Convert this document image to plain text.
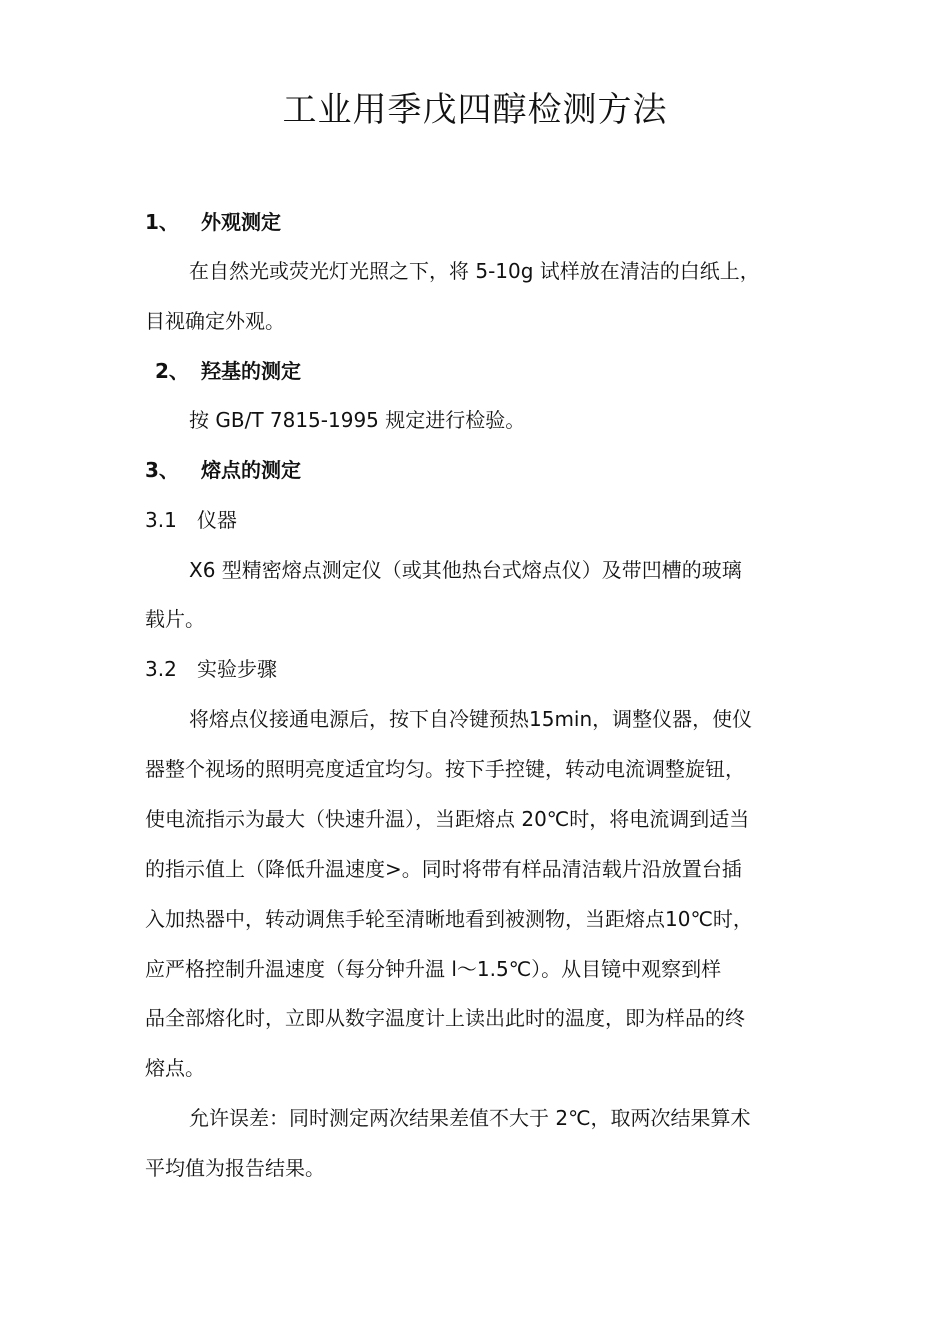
工业用季戊四醇检测方法
1、 外观测定
在自然光或荧光灯光照之下，将 5-10g 试样放在清洁的白纸上，
目视确定外观。
2、 羟基的测定
按 GB/T 7815-1995 规定进行检验。
3、 熔点的测定
3.1 仪器
X6 型精密熔点测定仪（或其他热台式熔点仪）及带凹槽的玻璃
载片。
3.2 实验步骤
将熔点仪接通电源后，按下自冷键预热15min，调整仪器，使仪
器整个视场的照明亮度适宜均匀。按下手控键，转动电流调整旋钮，
使电流指示为最大（快速升温），当距熔点 20℃时，将电流调到适当
的指示值上（降低升温速度>。同时将带有样品清洁载片沿放置台插
入加热器中，转动调焦手轮至清晰地看到被测物，当距熔点10℃时，
应严格控制升温速度（每分钟升温 l～1.5℃）。从目镜中观察到样
品全部熔化时，立即从数字温度计上读出此时的温度，即为样品的终
熔点。
允许误差：同时测定两次结果差值不大于 2℃，取两次结果算术
平均值为报告结果。
